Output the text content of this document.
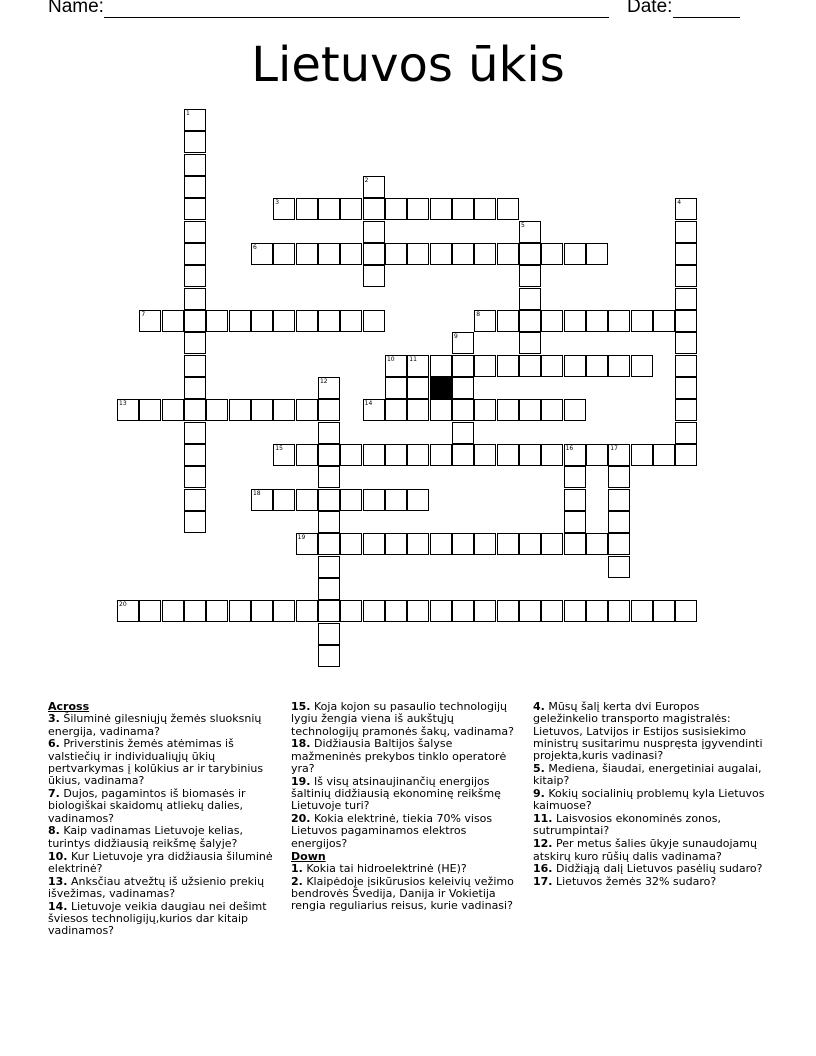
Name:	Date:
Lietuvos ūkis
1
2
3	4
5
6
7	8
9
10 11
12
13	14
15	16	17
18
19
20
Across
3. Šiluminė gilesniųjų žemės sluoksnių energija, vadinama?
6. Priverstinis žemės atėmimas iš valstiečių ir individualiųjų ūkių pertvarkymas į kolūkius ar ir tarybinius ūkius, vadinama?
7. Dujos, pagamintos iš biomasės ir biologiškai skaidomų atliekų dalies, vadinamos?
8. Kaip vadinamas Lietuvoje kelias, turintys didžiausią reikšmę šalyje?
10. Kur Lietuvoje yra didžiausia šiluminė elektrinė?
13. Anksčiau atvežtų iš užsienio prekių išvežimas, vadinamas?
14. Lietuvoje veikia daugiau nei dešimt šviesos technoligijų,kurios dar kitaip vadinamos?
15. Koja kojon su pasaulio technologijų lygiu žengia viena iš aukštųjų technologijų pramonės šakų, vadinama?
18. Didžiausia Baltijos šalyse mažmeninės prekybos tinklo operatorė yra?
19. Iš visų atsinaujinančių energijos šaltinių didžiausią ekonominę reikšmę Lietuvoje turi?
20. Kokia elektrinė, tiekia 70% visos Lietuvos pagaminamos elektros energijos?
Down
1. Kokia tai hidroelektrinė (HE)?
2. Klaipėdoje įsikūrusios keleivių vežimo bendrovės Švedija, Danija ir Vokietija rengia reguliarius reisus, kurie vadinasi?
4. Mūsų šalį kerta dvi Europos geležinkelio transporto magistralės: Lietuvos, Latvijos ir Estijos susisiekimo ministrų susitarimu nuspręsta įgyvendinti projekta,kuris vadinasi?
5. Mediena, šiaudai, energetiniai augalai, kitaip?
9. Kokių socialinių problemų kyla Lietuvos kaimuose?
11. Laisvosios ekonominės zonos, sutrumpintai?
12. Per metus šalies ūkyje sunaudojamų atskirų kuro rūšių dalis vadinama?
16. Didžiąją dalį Lietuvos pasėlių sudaro?
17. Lietuvos žemės 32% sudaro?
